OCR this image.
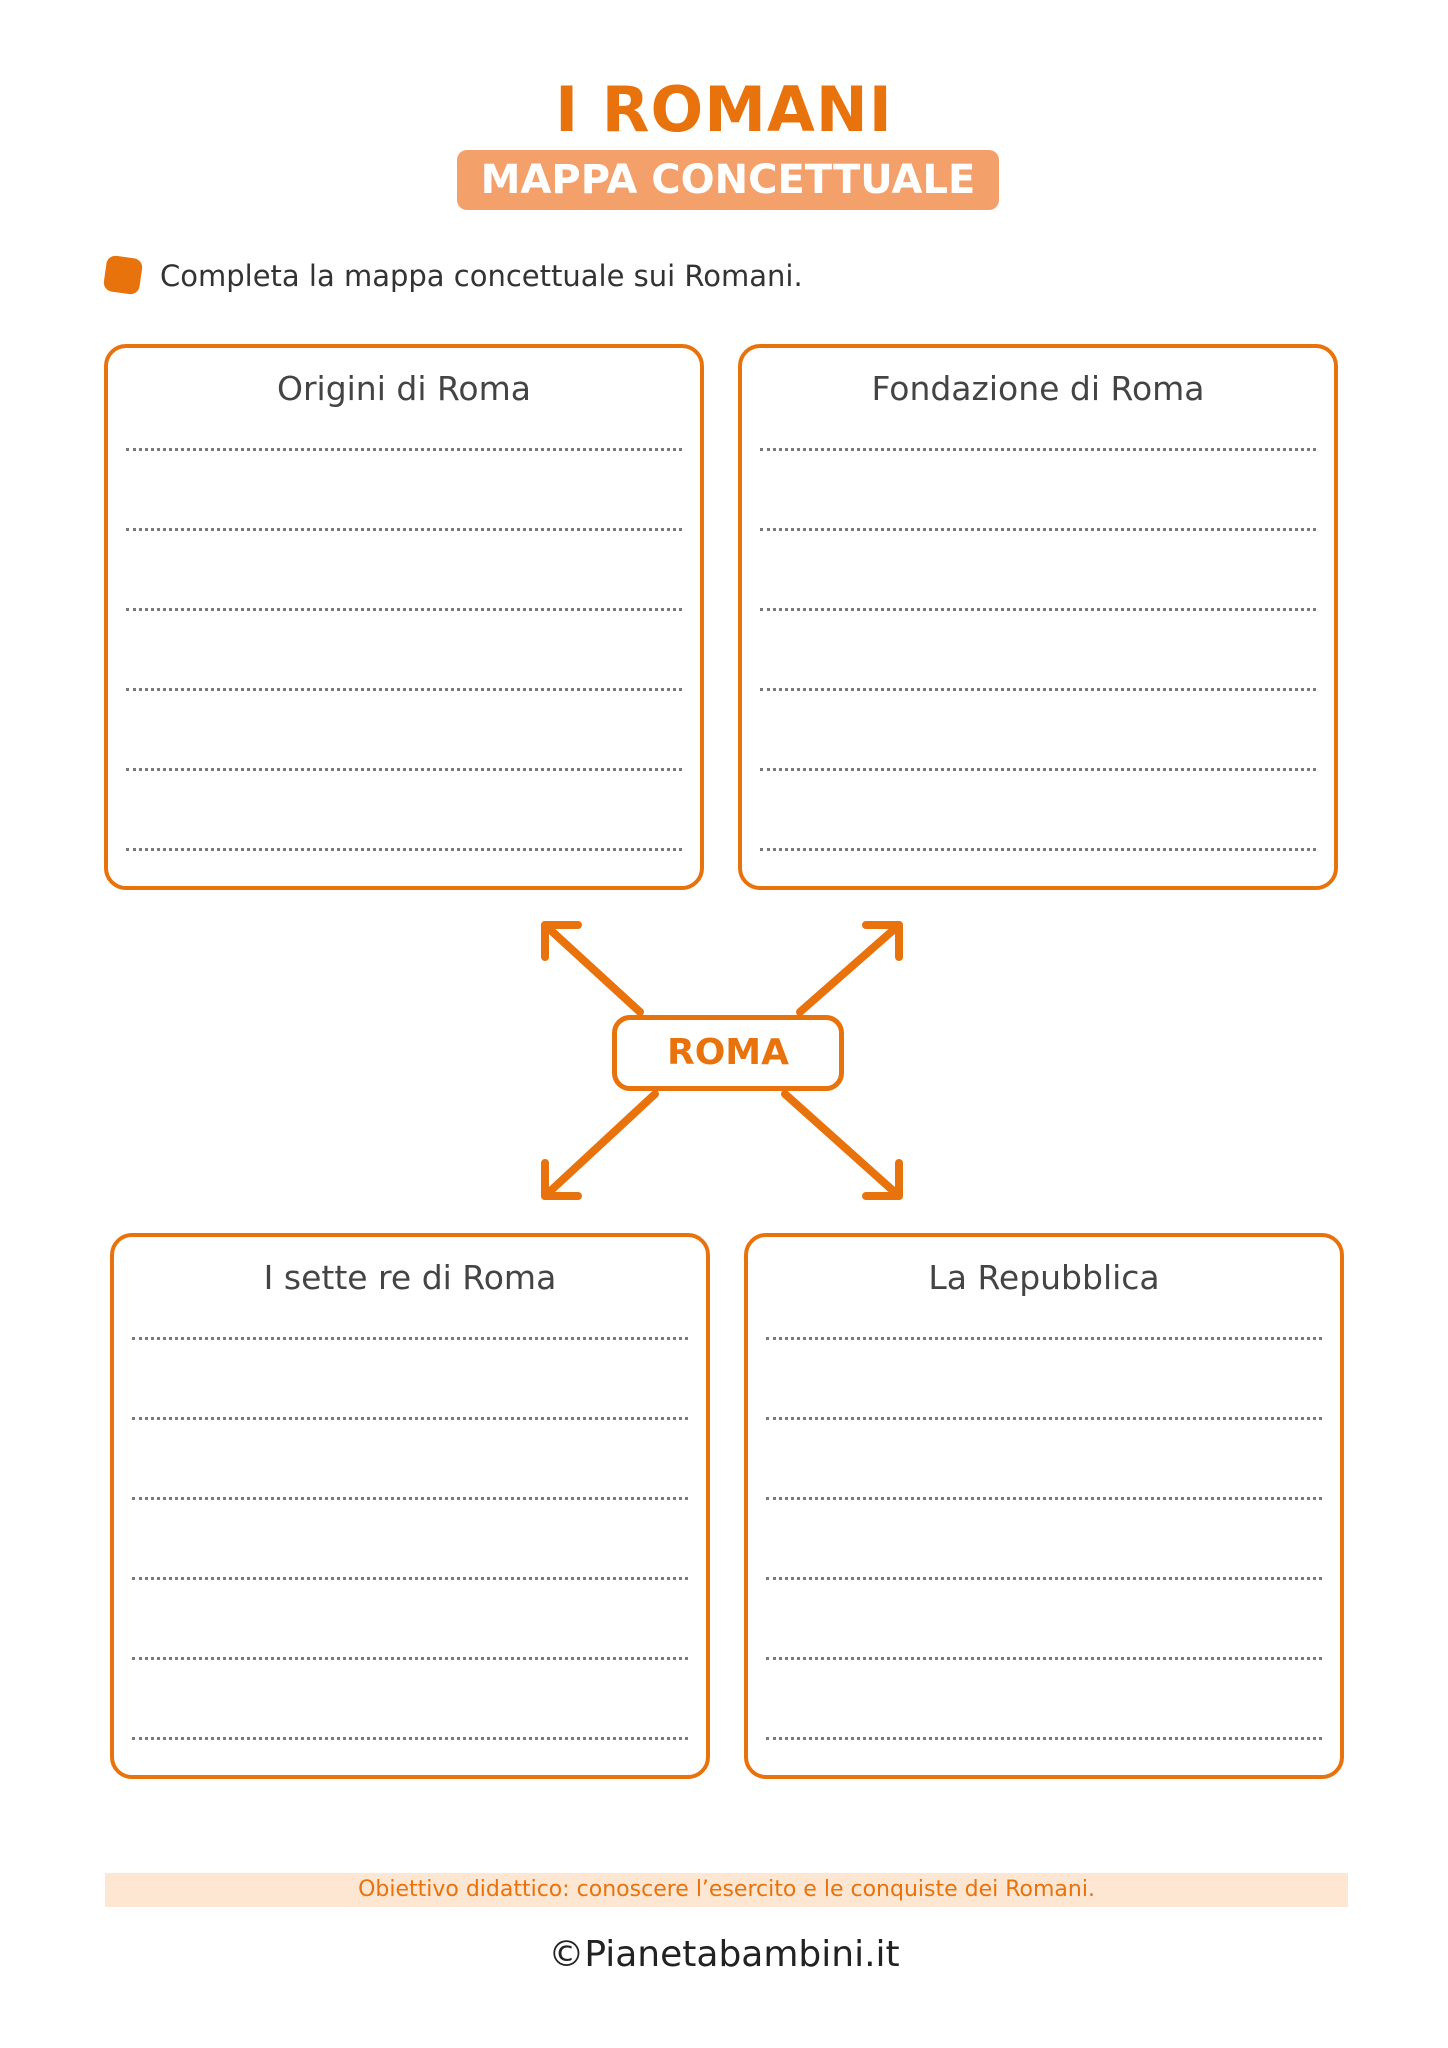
I ROMANI
MAPPA CONCETTUALE
Completa la mappa concettuale sui Romani.
Origini di Roma	Fondazione di Roma
I sette re di Roma	La Repubblica
ROMA
Obiettivo didattico: conoscere l’esercito e le conquiste dei Romani.
©Pianetabambini.it
